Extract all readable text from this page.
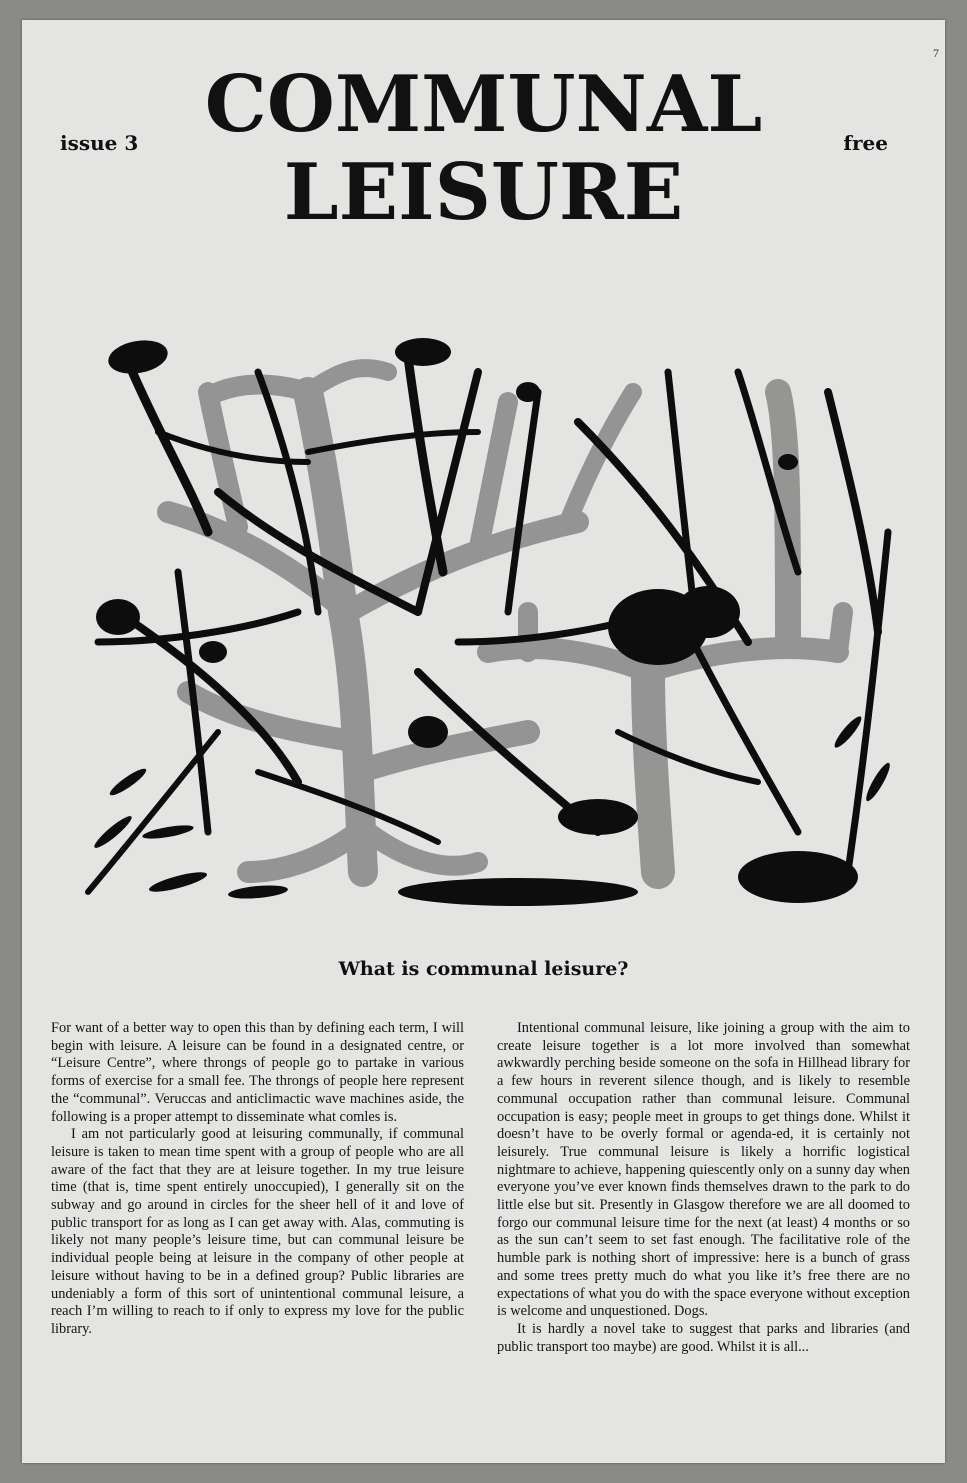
7
issue 3 COMMUNAL
LEISURE
free
What is communal leisure?

For want of a better way to open this than by defining each term, I will begin with leisure. A leisure can be found in a designated centre, or “Leisure Centre”, where throngs of people go to partake in various forms of exercise for a small fee. The throngs of people here represent the “communal”. Veruccas and anticlimactic wave machines aside, the following is a proper attempt to disseminate what comles is.

I am not particularly good at leisuring communally, if communal leisure is taken to mean time spent with a group of people who are all aware of the fact that they are at leisure together. In my true leisure time (that is, time spent entirely unoccupied), I generally sit on the subway and go around in circles for the sheer hell of it and love of public transport for as long as I can get away with. Alas, commuting is likely not many people’s leisure time, but can communal leisure be individual people being at leisure in the company of other people at leisure without having to be in a defined group? Public libraries are undeniably a form of this sort of unintentional communal leisure, a reach I’m willing to reach to if only to express my love for the public library.

Intentional communal leisure, like joining a group with the aim to create leisure together is a lot more involved than somewhat awkwardly perching beside someone on the sofa in Hillhead library for a few hours in reverent silence though, and is likely to resemble communal occupation rather than communal leisure. Communal occupation is easy; people meet in groups to get things done. Whilst it doesn’t have to be overly formal or agenda-ed, it is certainly not leisurely. True communal leisure is likely a horrific logistical nightmare to achieve, happening quiescently only on a sunny day when everyone you’ve ever known finds themselves drawn to the park to do little else but sit. Presently in Glasgow therefore we are all doomed to forgo our communal leisure time for the next (at least) 4 months or so as the sun can’t seem to set fast enough. The facilitative role of the humble park is nothing short of impressive: here is a bunch of grass and some trees pretty much do what you like it’s free there are no expectations of what you do with the space everyone without exception is welcome and unquestioned. Dogs.

It is hardly a novel take to suggest that parks and libraries (and public transport too maybe) are good. Whilst it is all...
